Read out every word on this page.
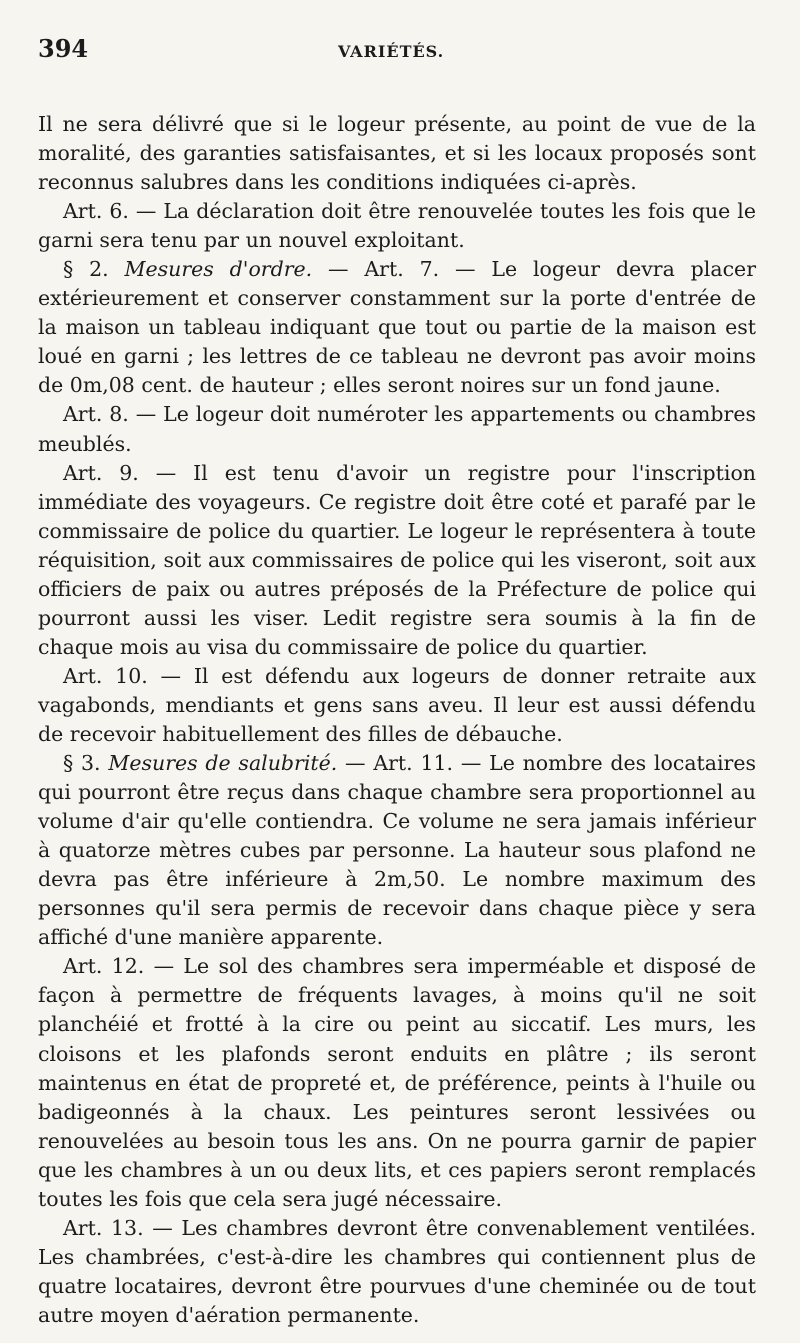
394	VARIÉTÉS.

Il ne sera délivré que si le logeur présente, au point de vue de la moralité, des garanties satisfaisantes, et si les locaux proposés sont reconnus salubres dans les conditions indiquées ci-après.

Art. 6. — La déclaration doit être renouvelée toutes les fois que le garni sera tenu par un nouvel exploitant.

§ 2. Mesures d'ordre. — Art. 7. — Le logeur devra placer extérieurement et conserver constamment sur la porte d'entrée de la maison un tableau indiquant que tout ou partie de la maison est loué en garni ; les lettres de ce tableau ne devront pas avoir moins de 0m,08 cent. de hauteur ; elles seront noires sur un fond jaune.

Art. 8. — Le logeur doit numéroter les appartements ou chambres meublés.

Art. 9. — Il est tenu d'avoir un registre pour l'inscription immédiate des voyageurs. Ce registre doit être coté et parafé par le commissaire de police du quartier. Le logeur le représentera à toute réquisition, soit aux commissaires de police qui les viseront, soit aux officiers de paix ou autres préposés de la Préfecture de police qui pourront aussi les viser. Ledit registre sera soumis à la fin de chaque mois au visa du commissaire de police du quartier.

Art. 10. — Il est défendu aux logeurs de donner retraite aux vagabonds, mendiants et gens sans aveu. Il leur est aussi défendu de recevoir habituellement des filles de débauche.

§ 3. Mesures de salubrité. — Art. 11. — Le nombre des locataires qui pourront être reçus dans chaque chambre sera proportionnel au volume d'air qu'elle contiendra. Ce volume ne sera jamais inférieur à quatorze mètres cubes par personne. La hauteur sous plafond ne devra pas être inférieure à 2m,50. Le nombre maximum des personnes qu'il sera permis de recevoir dans chaque pièce y sera affiché d'une manière apparente.

Art. 12. — Le sol des chambres sera imperméable et disposé de façon à permettre de fréquents lavages, à moins qu'il ne soit planchéié et frotté à la cire ou peint au siccatif. Les murs, les cloisons et les plafonds seront enduits en plâtre ; ils seront maintenus en état de propreté et, de préférence, peints à l'huile ou badigeonnés à la chaux. Les peintures seront lessivées ou renouvelées au besoin tous les ans. On ne pourra garnir de papier que les chambres à un ou deux lits, et ces papiers seront remplacés toutes les fois que cela sera jugé nécessaire.

Art. 13. — Les chambres devront être convenablement ventilées. Les chambrées, c'est-à-dire les chambres qui contiennent plus de quatre locataires, devront être pourvues d'une cheminée ou de tout autre moyen d'aération permanente.
